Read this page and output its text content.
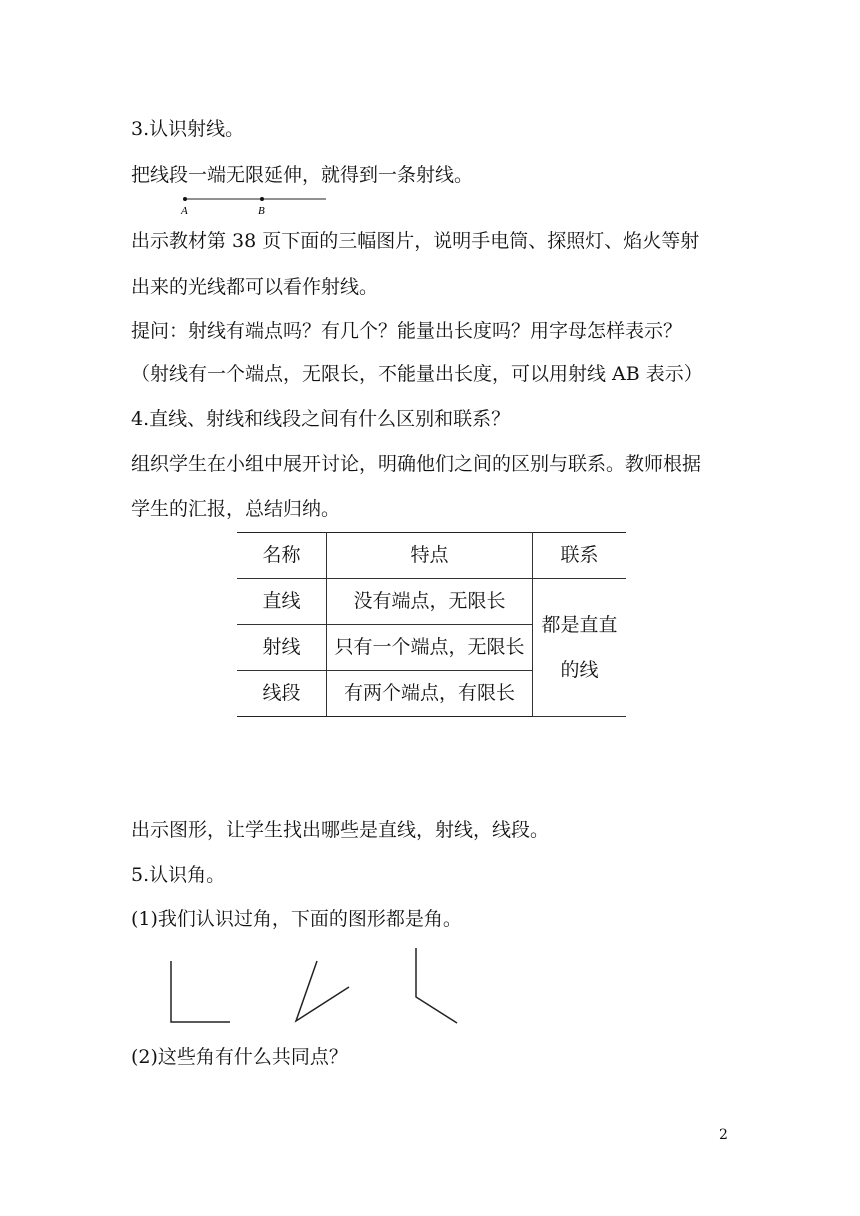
3.认识射线。
把线段一端无限延伸，就得到一条射线。
A	B
出示教材第 38 页下面的三幅图片，说明手电筒、探照灯、焰火等射
出来的光线都可以看作射线。
提问：射线有端点吗？有几个？能量出长度吗？用字母怎样表示？
（射线有一个端点，无限长，不能量出长度，可以用射线 AB 表示）
4.直线、射线和线段之间有什么区别和联系？
组织学生在小组中展开讨论，明确他们之间的区别与联系。教师根据
学生的汇报，总结归纳。
名称	特点	联系
直线	没有端点，无限长	都是直直的线
射线	只有一个端点，无限长	
线段	有两个端点，有限长	
出示图形，让学生找出哪些是直线，射线，线段。
5.认识角。
(1)我们认识过角，下面的图形都是角。
(2)这些角有什么共同点？
2
